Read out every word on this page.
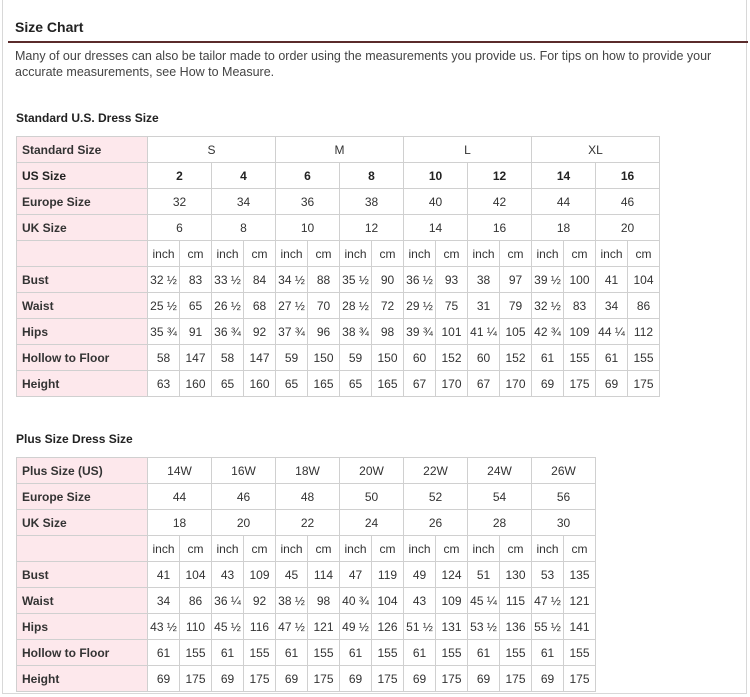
Size Chart
Many of our dresses can also be tailor made to order using the measurements you provide us. For tips on how to provide your accurate measurements, see How to Measure.
Standard U.S. Dress Size
Standard Size	S				M				L				XL			
US Size	2		4		6		8		10		12		14		16	
Europe Size	32		34		36		38		40		42		44		46	
UK Size	6		8		10		12		14		16		18		20	
	inch	cm	inch	cm	inch	cm	inch	cm	inch	cm	inch	cm	inch	cm	inch	cm
Bust	32 ½	83	33 ½	84	34 ½	88	35 ½	90	36 ½	93	38	97	39 ½	100	41	104
Waist	25 ½	65	26 ½	68	27 ½	70	28 ½	72	29 ½	75	31	79	32 ½	83	34	86
Hips	35 ¾	91	36 ¾	92	37 ¾	96	38 ¾	98	39 ¾	101	41 ¼	105	42 ¾	109	44 ¼	112
Hollow to Floor	58	147	58	147	59	150	59	150	60	152	60	152	61	155	61	155
Height	63	160	65	160	65	165	65	165	67	170	67	170	69	175	69	175
Plus Size Dress Size
Plus Size (US)	14W		16W		18W		20W		22W		24W		26W	
Europe Size	44		46		48		50		52		54		56	
UK Size	18		20		22		24		26		28		30	
	inch	cm	inch	cm	inch	cm	inch	cm	inch	cm	inch	cm	inch	cm
Bust	41	104	43	109	45	114	47	119	49	124	51	130	53	135
Waist	34	86	36 ¼	92	38 ½	98	40 ¾	104	43	109	45 ¼	115	47 ½	121
Hips	43 ½	110	45 ½	116	47 ½	121	49 ½	126	51 ½	131	53 ½	136	55 ½	141
Hollow to Floor	61	155	61	155	61	155	61	155	61	155	61	155	61	155
Height	69	175	69	175	69	175	69	175	69	175	69	175	69	175
